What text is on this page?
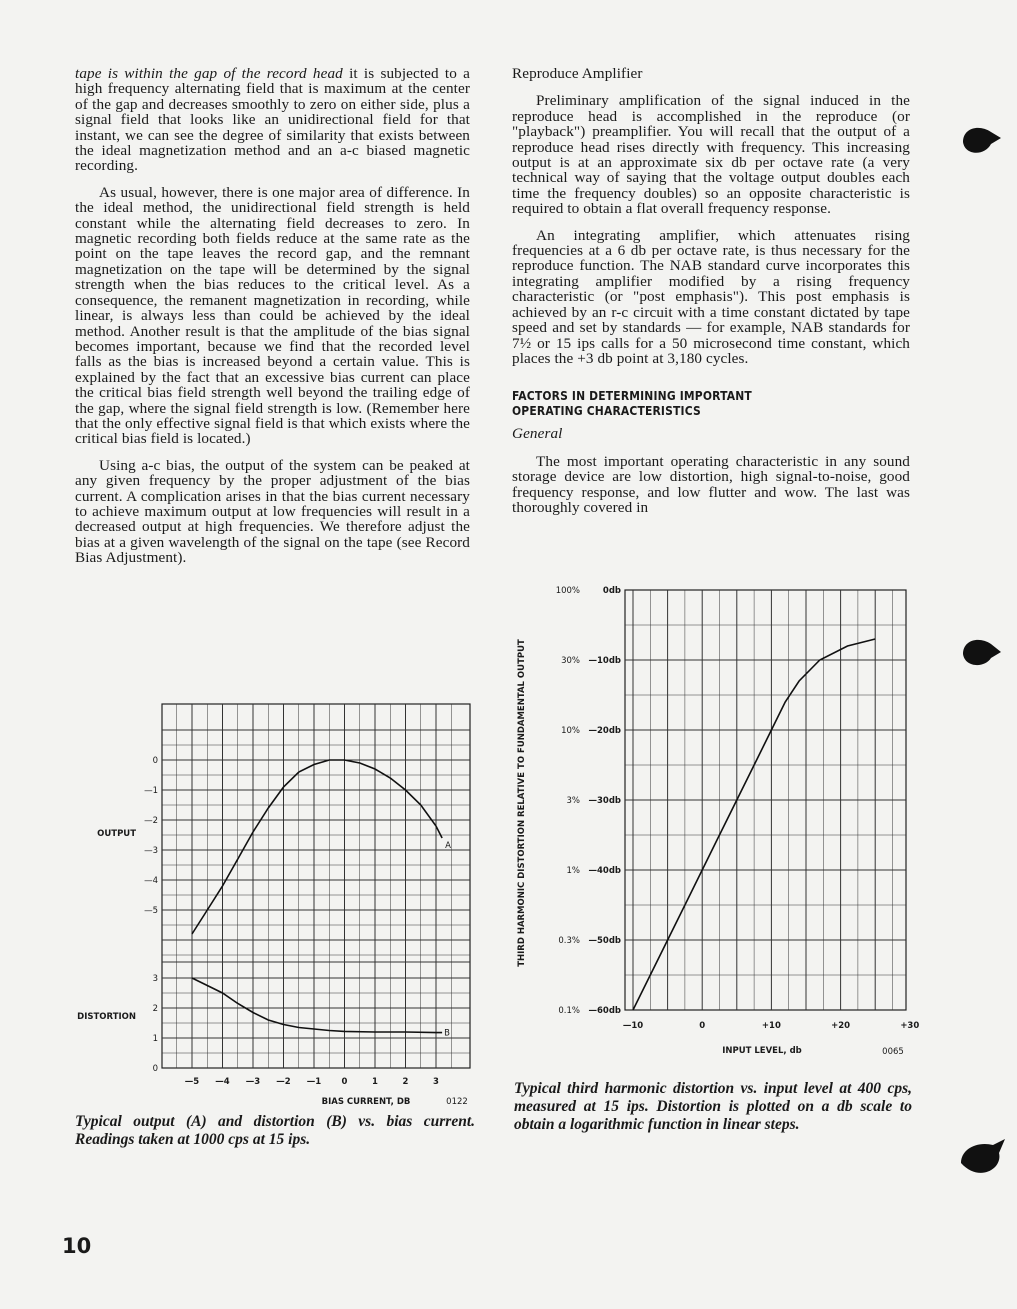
tape is within the gap of the record head it is subjected to a high frequency alternating field that is maximum at the center of the gap and decreases smoothly to zero on either side, plus a signal field that looks like an unidirectional field for that instant, we can see the degree of similarity that exists between the ideal magnetization method and an a-c biased magnetic recording.

As usual, however, there is one major area of difference. In the ideal method, the unidirectional field strength is held constant while the alternating field decreases to zero. In magnetic recording both fields reduce at the same rate as the point on the tape leaves the record gap, and the remnant magnetization on the tape will be determined by the signal strength when the bias reduces to the critical level. As a consequence, the remanent magnetization in recording, while linear, is always less than could be achieved by the ideal method. Another result is that the amplitude of the bias signal becomes important, because we find that the recorded level falls as the bias is increased beyond a certain value. This is explained by the fact that an excessive bias current can place the critical bias field strength well beyond the trailing edge of the gap, where the signal field strength is low. (Remember here that the only effective signal field is that which exists where the critical bias field is located.)

Using a-c bias, the output of the system can be peaked at any given frequency by the proper adjustment of the bias current. A complication arises in that the bias current necessary to achieve maximum output at low frequencies will result in a decreased output at high frequencies. We therefore adjust the bias at a given wavelength of the signal on the tape (see Record Bias Adjustment).

Reproduce Amplifier

Preliminary amplification of the signal induced in the reproduce head is accomplished in the reproduce (or "playback") preamplifier. You will recall that the output of a reproduce head rises directly with frequency. This increasing output is at an approximate six db per octave rate (a very technical way of saying that the voltage output doubles each time the frequency doubles) so an opposite characteristic is required to obtain a flat overall frequency response.

An integrating amplifier, which attenuates rising frequencies at a 6 db per octave rate, is thus necessary for the reproduce function. The NAB standard curve incorporates this integrating amplifier modified by a rising frequency characteristic (or "post emphasis"). This post emphasis is achieved by an r-c circuit with a time constant dictated by tape speed and set by standards — for example, NAB standards for 7½ or 15 ips calls for a 50 microsecond time constant, which places the +3 db point at 3,180 cycles.

FACTORS IN DETERMINING IMPORTANT
OPERATING CHARACTERISTICS
General

The most important operating characteristic in any sound storage device are low distortion, high signal-to-noise, good frequency response, and low flutter and wow. The last was thoroughly covered in

A
B
0
—1
—2
—3
—4
—5
OUTPUT
3
2
1
0
DISTORTION
—5 —4 —3 —2 —1 0	1	2	3
BIAS CURRENT, DB	0122
100%
30%
10%
3%
1%
0.3%
0.1%
0db
—10db
—20db
—30db
—40db
—50db
—60db
—10	0	+10	+20	+30
INPUT LEVEL, db	0065
THIRD HARMONIC DISTORTION RELATIVE TO FUNDAMENTAL OUTPUT
Typical output (A) and distortion (B) vs. bias current. Readings taken at 1000 cps at 15 ips.
Typical third harmonic distortion vs. input level at 400 cps, measured at 15 ips. Distortion is plotted on a db scale to obtain a logarithmic function in linear steps.
10
